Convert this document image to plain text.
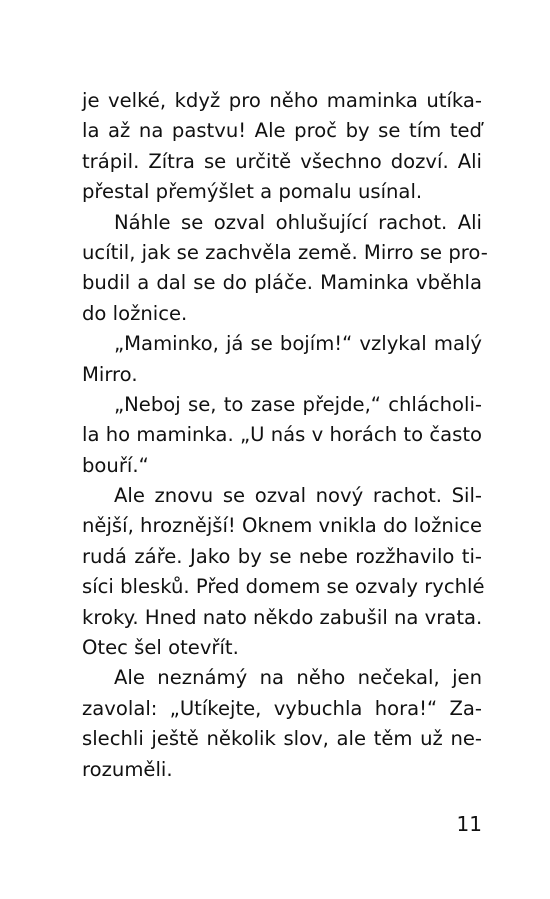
je velké, když pro něho maminka utíka-
la až na pastvu! Ale proč by se tím teď
trápil. Zítra se určitě všechno dozví. Ali
přestal přemýšlet a pomalu usínal.
Náhle se ozval ohlušující rachot. Ali
ucítil, jak se zachvěla země. Mirro se pro-
budil a dal se do pláče. Maminka vběhla
do ložnice.
„Maminko, já se bojím!“ vzlykal malý
Mirro.
„Neboj se, to zase přejde,“ chlácholi-
la ho maminka. „U nás v horách to často
bouří.“
Ale znovu se ozval nový rachot. Sil-
nější, hroznější! Oknem vnikla do ložnice
rudá záře. Jako by se nebe rozžhavilo ti-
síci blesků. Před domem se ozvaly rychlé
kroky. Hned nato někdo zabušil na vrata.
Otec šel otevřít.
Ale neznámý na něho nečekal, jen
zavolal: „Utíkejte, vybuchla hora!“ Za-
slechli ještě několik slov, ale těm už ne-
rozuměli.
11
